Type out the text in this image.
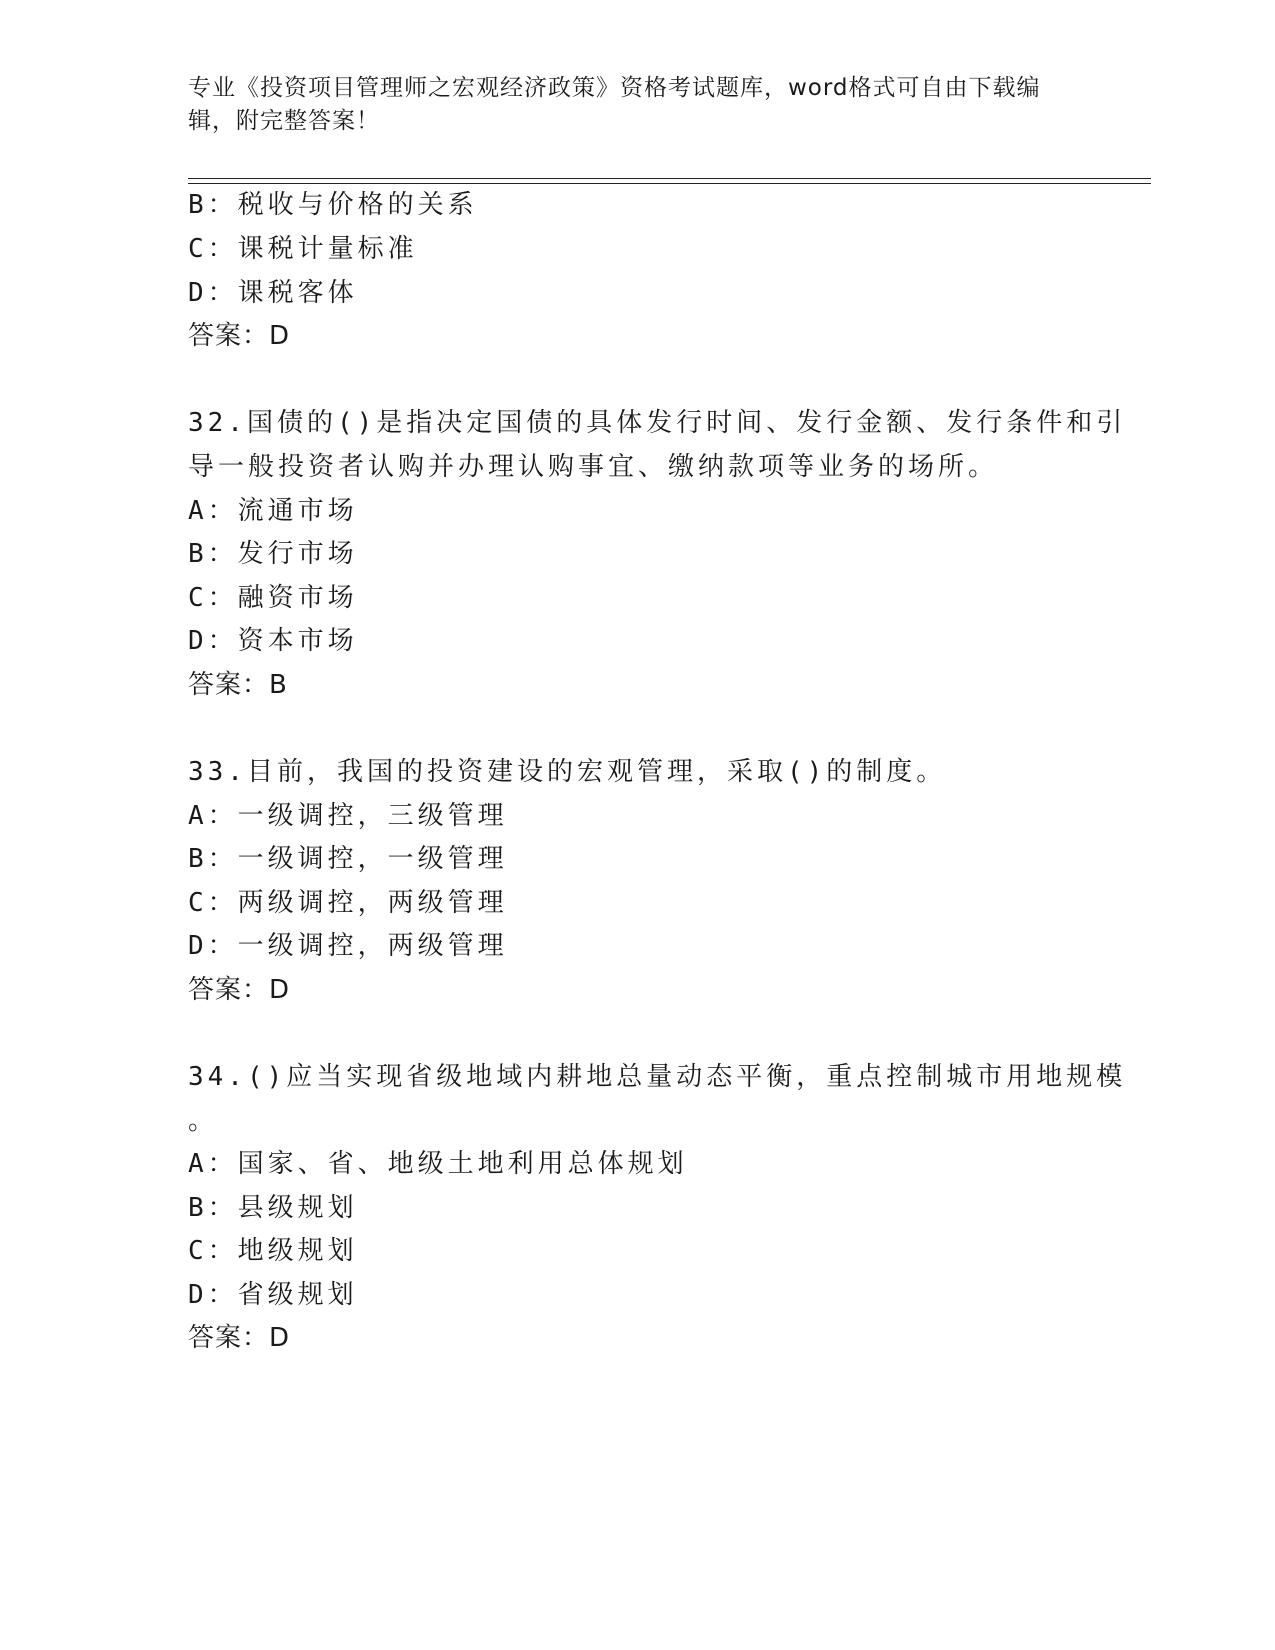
专业《投资项目管理师之宏观经济政策》资格考试题库，word格式可自由下载编辑，附完整答案！
B：税收与价格的关系
C：课税计量标准
D：课税客体
答案：D
32.国债的()是指决定国债的具体发行时间、发行金额、发行条件和引
导一般投资者认购并办理认购事宜、缴纳款项等业务的场所。
A：流通市场
B：发行市场
C：融资市场
D：资本市场
答案：B
33.目前，我国的投资建设的宏观管理，采取()的制度。
A：一级调控，三级管理
B：一级调控，一级管理
C：两级调控，两级管理
D：一级调控，两级管理
答案：D
34.()应当实现省级地域内耕地总量动态平衡，重点控制城市用地规模
。
A：国家、省、地级土地利用总体规划
B：县级规划
C：地级规划
D：省级规划
答案：D
